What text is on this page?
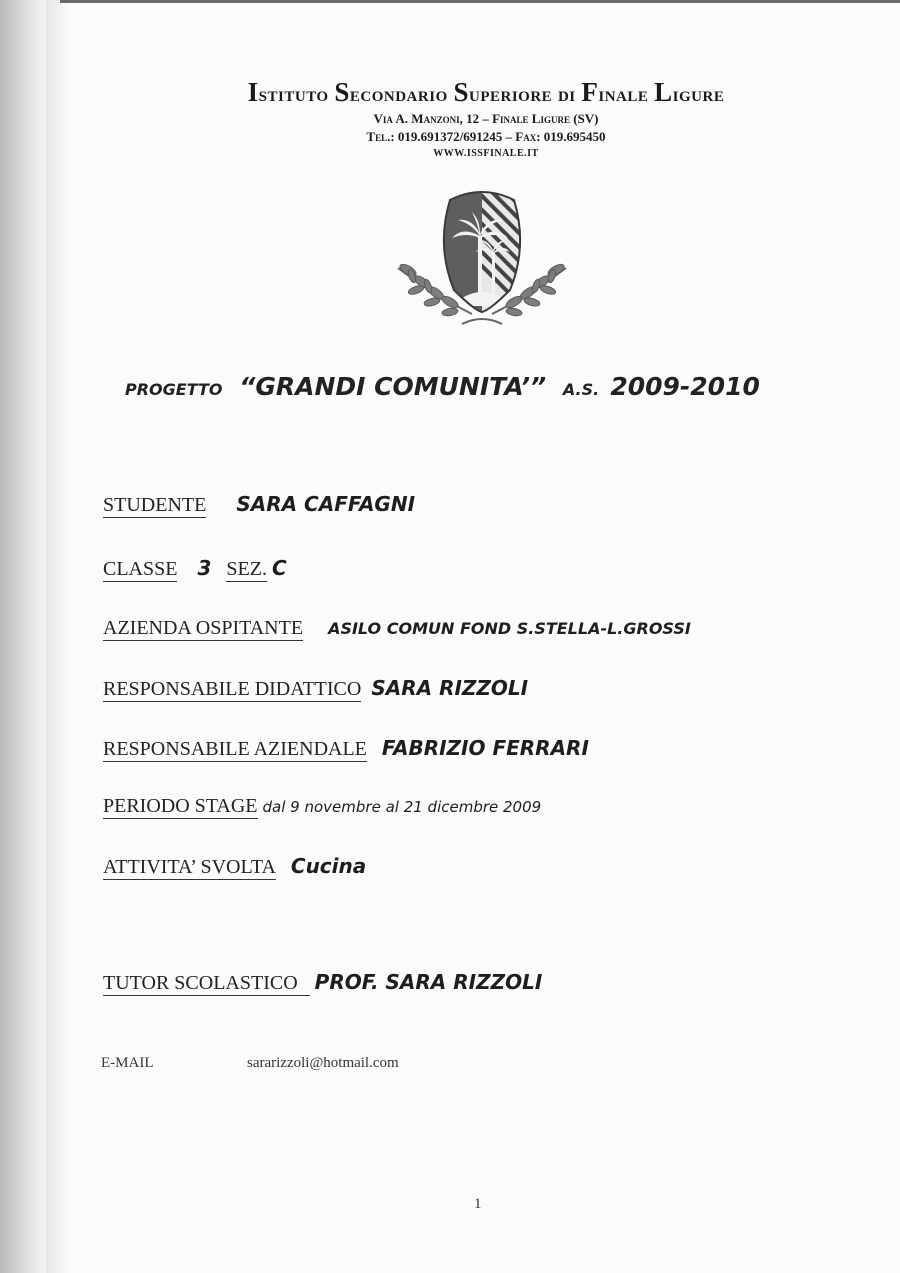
Istituto Secondario Superiore di Finale Ligure
Via A. Manzoni, 12 – Finale Ligure (SV)
Tel.: 019.691372/691245 – Fax: 019.695450
WWW.ISSFINALE.IT
PROGETTO “GRANDI COMUNITA’” A.S. 2009-2010
STUDENTE SARA CAFFAGNI
CLASSE 3 SEZ. C
AZIENDA OSPITANTE ASILO COMUN FOND S.STELLA-L.GROSSI
RESPONSABILE DIDATTICO SARA RIZZOLI
RESPONSABILE AZIENDALE FABRIZIO FERRARI
PERIODO STAGE dal 9 novembre al 21 dicembre 2009
ATTIVITA’ SVOLTA Cucina
TUTOR SCOLASTICO PROF. SARA RIZZOLI
E-MAIL	sararizzoli@hotmail.com
1
